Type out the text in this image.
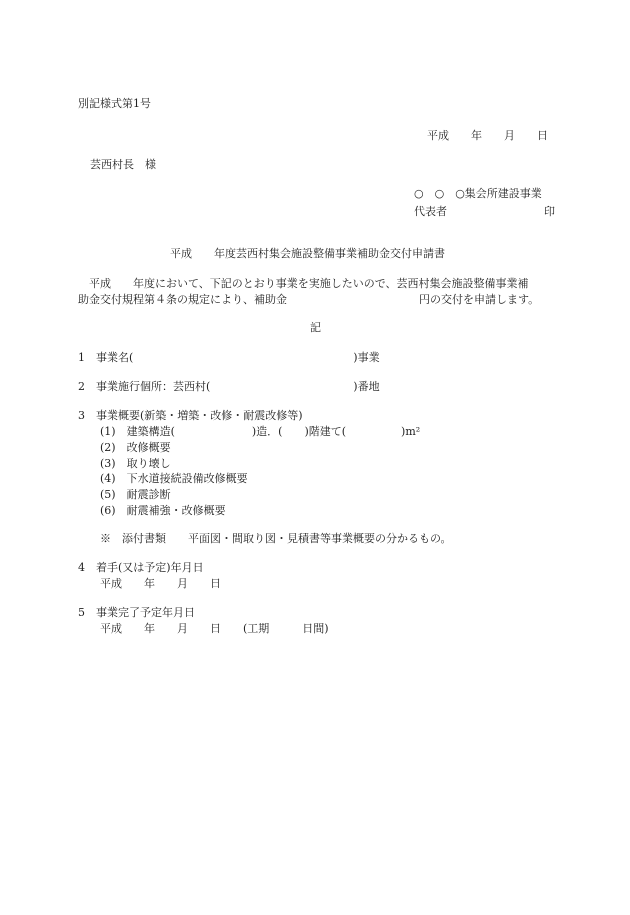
別記様式第1号
平成　　年　　月　　日
芸西村長　様
○　○　○集会所建設事業
代表者	印
平成　　年度芸西村集会施設整備事業補助金交付申請書
　平成　　年度において、下記のとおり事業を実施したいので、芸西村集会施設整備事業補
助金交付規程第４条の規定により、補助金　　　　　　　　　　　　円の交付を申請します。
記
1　事業名(　　　　　　　　　　　　　　　　　　　　)事業
2　事業施行個所：芸西村(　　　　　　　　　　　　　)番地
3　事業概要(新築・増築・改修・耐震改修等)
(1)　建築構造(　　　　　　　)造．(　　)階建て(　　　　　)m²
(2)　改修概要
(3)　取り壊し
(4)　下水道接続設備改修概要
(5)　耐震診断
(6)　耐震補強・改修概要
※　添付書類　　平面図・間取り図・見積書等事業概要の分かるもの。
4　着手(又は予定)年月日
平成　　年　　月　　日
5　事業完了予定年月日
平成　　年　　月　　日　　(工期　　　日間)
